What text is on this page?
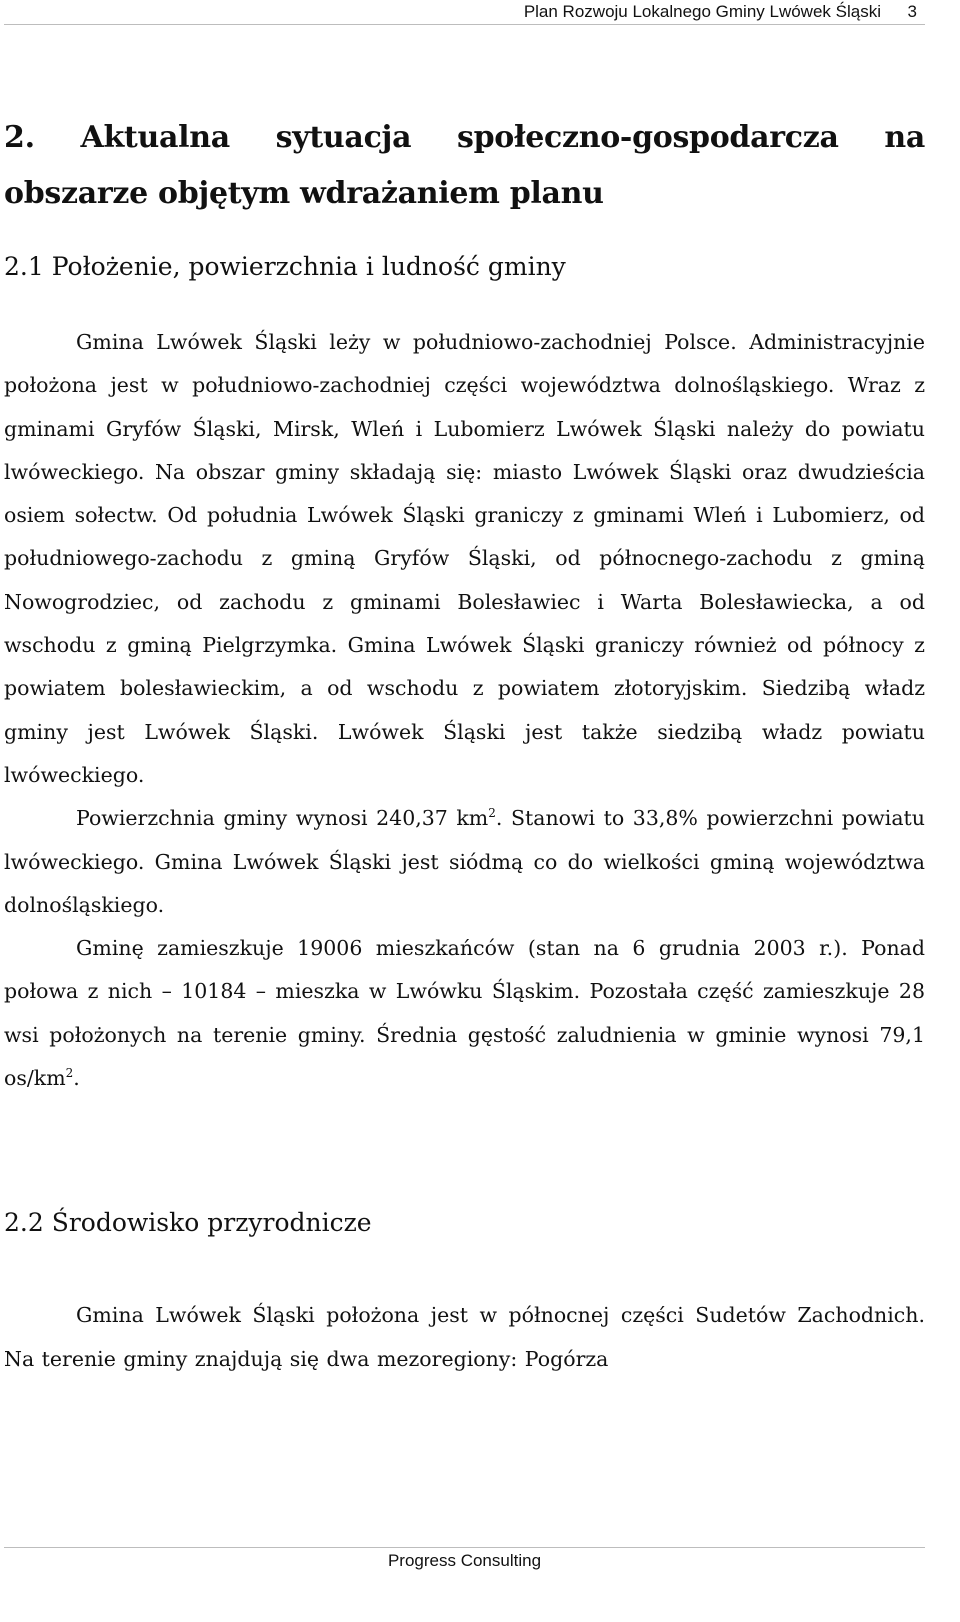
Plan Rozwoju Lokalnego Gminy Lwówek Śląski 3
2. Aktualna sytuacja społeczno-gospodarcza na obszarze objętym wdrażaniem planu
2.1 Położenie, powierzchnia i ludność gminy

Gmina Lwówek Śląski leży w południowo-zachodniej Polsce. Administracyjnie położona jest w południowo-zachodniej części województwa dolnośląskiego. Wraz z gminami Gryfów Śląski, Mirsk, Wleń i Lubomierz Lwówek Śląski należy do powiatu lwóweckiego. Na obszar gminy składają się: miasto Lwówek Śląski oraz dwudzieścia osiem sołectw. Od południa Lwówek Śląski graniczy z gminami Wleń i Lubomierz, od południowego-zachodu z gminą Gryfów Śląski, od północnego-zachodu z gminą Nowogrodziec, od zachodu z gminami Bolesławiec i Warta Bolesławiecka, a od wschodu z gminą Pielgrzymka. Gmina Lwówek Śląski graniczy również od północy z powiatem bolesławieckim, a od wschodu z powiatem złotoryjskim. Siedzibą władz gminy jest Lwówek Śląski. Lwówek Śląski jest także siedzibą władz powiatu lwóweckiego.

Powierzchnia gminy wynosi 240,37 $km^2$. Stanowi to 33,8% powierzchni powiatu lwóweckiego. Gmina Lwówek Śląski jest siódmą co do wielkości gminą województwa dolnośląskiego.

Gminę zamieszkuje 19006 mieszkańców (stan na 6 grudnia 2003 r.). Ponad połowa z nich – 10184 – mieszka w Lwówku Śląskim. Pozostała część zamieszkuje 28 wsi położonych na terenie gminy. Średnia gęstość zaludnienia w gminie wynosi 79,1 $os/km^2$.

2.2 Środowisko przyrodnicze

Gmina Lwówek Śląski położona jest w północnej części Sudetów Zachodnich. Na terenie gminy znajdują się dwa mezoregiony: Pogórza

Progress Consulting
